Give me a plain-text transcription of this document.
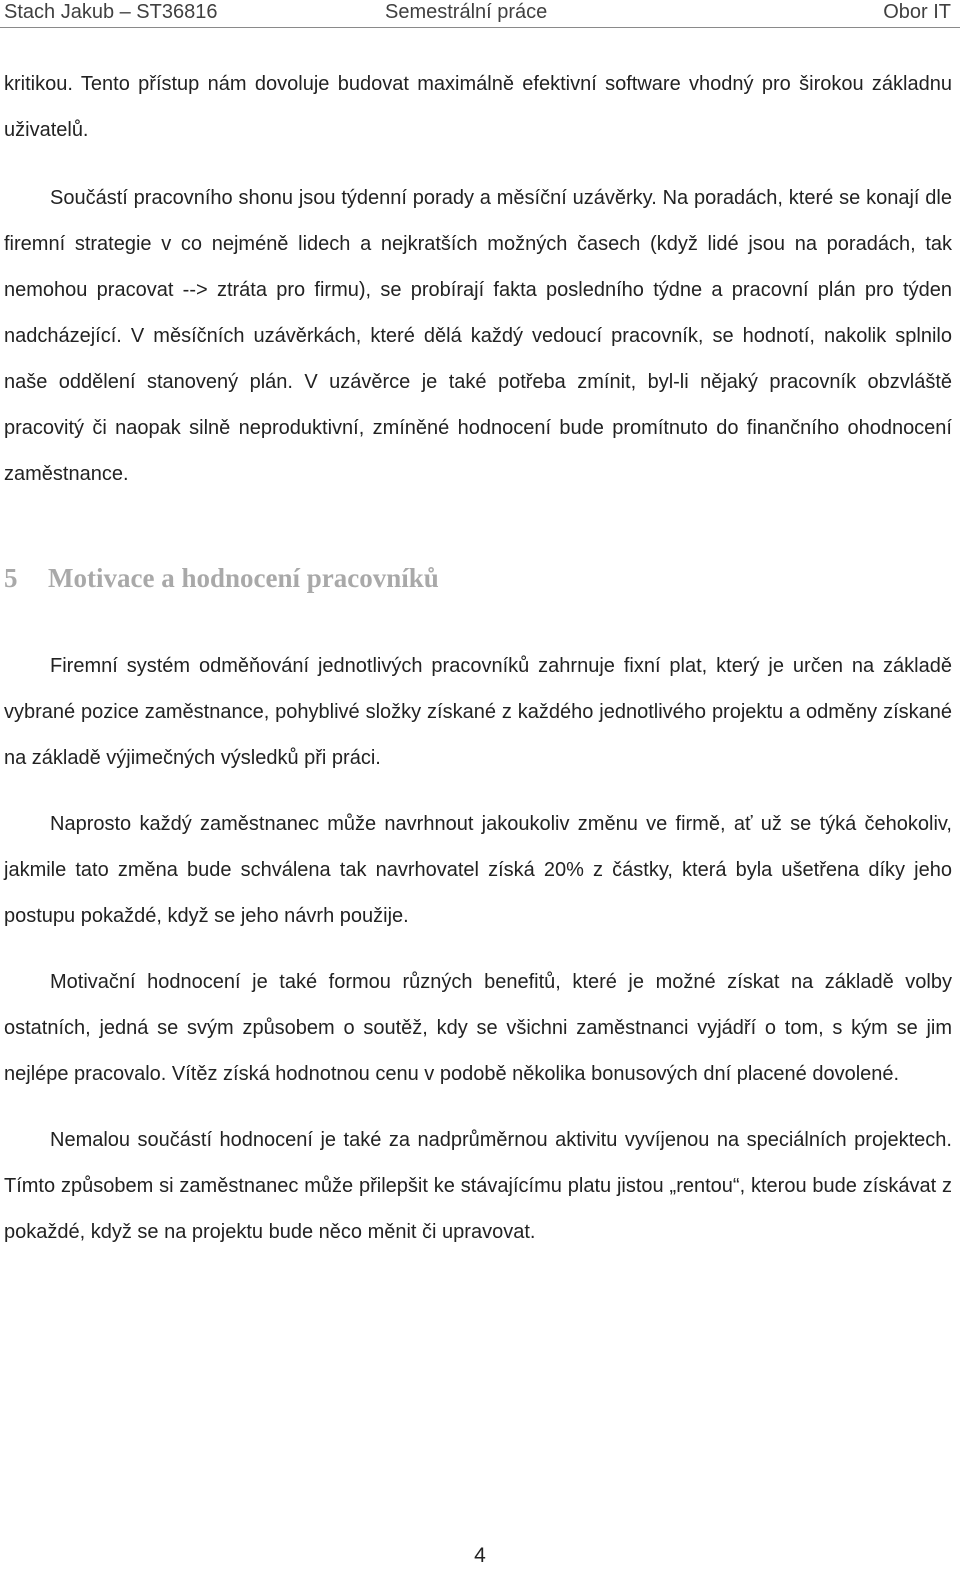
Stach Jakub – ST36816	Semestrální práce	Obor IT

kritikou. Tento přístup nám dovoluje budovat maximálně efektivní software vhodný pro širokou základnu uživatelů.

Součástí pracovního shonu jsou týdenní porady a měsíční uzávěrky. Na poradách, které se konají dle firemní strategie v co nejméně lidech a nejkratších možných časech (když lidé jsou na poradách, tak nemohou pracovat --> ztráta pro firmu), se probírají fakta posledního týdne a pracovní plán pro týden nadcházející. V měsíčních uzávěrkách, které dělá každý vedoucí pracovník, se hodnotí, nakolik splnilo naše oddělení stanovený plán. V uzávěrce je také potřeba zmínit, byl-li nějaký pracovník obzvláště pracovitý či naopak silně neproduktivní, zmíněné hodnocení bude promítnuto do finančního ohodnocení zaměstnance.

5 Motivace a hodnocení pracovníků

Firemní systém odměňování jednotlivých pracovníků zahrnuje fixní plat, který je určen na základě vybrané pozice zaměstnance, pohyblivé složky získané z každého jednotlivého projektu a odměny získané na základě výjimečných výsledků při práci.

Naprosto každý zaměstnanec může navrhnout jakoukoliv změnu ve firmě, ať už se týká čehokoliv, jakmile tato změna bude schválena tak navrhovatel získá 20% z částky, která byla ušetřena díky jeho postupu pokaždé, když se jeho návrh použije.

Motivační hodnocení je také formou různých benefitů, které je možné získat na základě volby ostatních, jedná se svým způsobem o soutěž, kdy se všichni zaměstnanci vyjádří o tom, s kým se jim nejlépe pracovalo. Vítěz získá hodnotnou cenu v podobě několika bonusových dní placené dovolené.

Nemalou součástí hodnocení je také za nadprůměrnou aktivitu vyvíjenou na speciálních projektech. Tímto způsobem si zaměstnanec může přilepšit ke stávajícímu platu jistou „rentou“, kterou bude získávat z pokaždé, když se na projektu bude něco měnit či upravovat.

4
